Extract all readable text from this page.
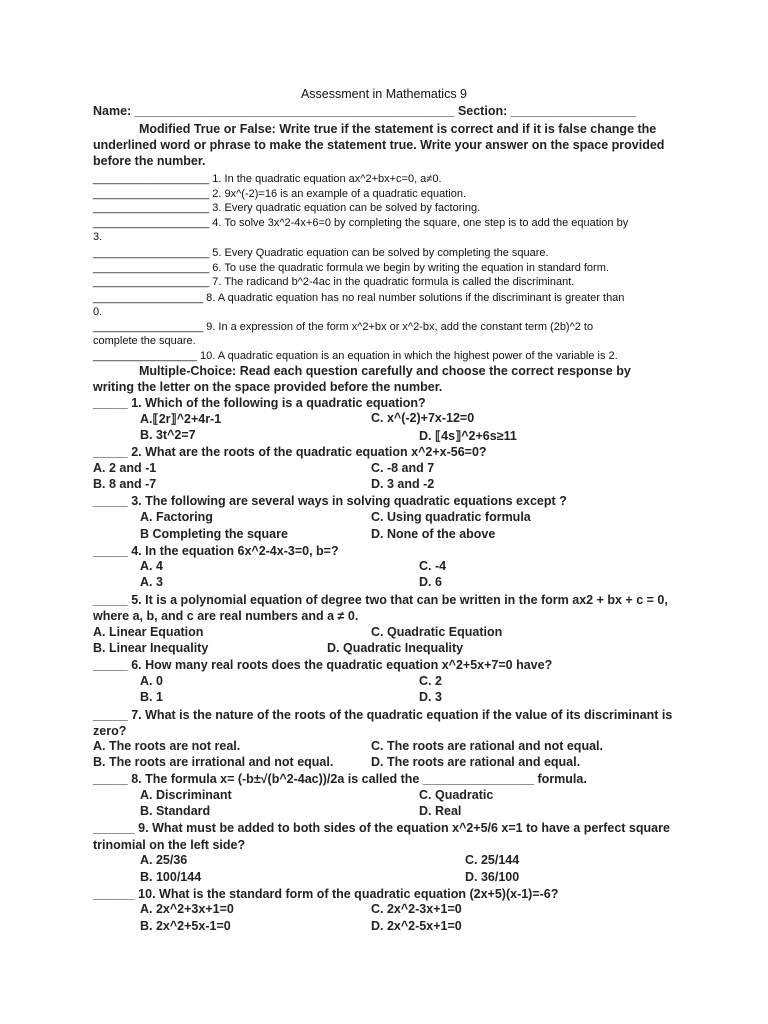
Assessment in Mathematics 9
Name: ______________________________________________ Section: __________________
Modified True or False: Write true if the statement is correct and if it is false change the underlined word or phrase to make the statement true. Write your answer on the space provided before the number.
___________________ 1. In the quadratic equation ax^2+bx+c=0, a≠0.
___________________ 2. 9x^(-2)=16 is an example of a quadratic equation.
___________________ 3. Every quadratic equation can be solved by factoring.
___________________ 4. To solve 3x^2-4x+6=0 by completing the square, one step is to add the equation by
3.
___________________ 5. Every Quadratic equation can be solved by completing the square.
___________________ 6. To use the quadratic formula we begin by writing the equation in standard form.
___________________ 7. The radicand b^2-4ac in the quadratic formula is called the discriminant.
__________________ 8. A quadratic equation has no real number solutions if the discriminant is greater than
0.
__________________ 9. In a expression of the form x^2+bx or x^2-bx, add the constant term (2b)^2 to
complete the square.
_________________ 10. A quadratic equation is an equation in which the highest power of the variable is 2.
Multiple-Choice: Read each question carefully and choose the correct response by writing the letter on the space provided before the number.
_____ 1. Which of the following is a quadratic equation?
A.⟦2r⟧^2+4r-1	C. x^(-2)+7x-12=0
B. 3t^2=7	D. ⟦4s⟧^2+6s≥11
_____ 2. What are the roots of the quadratic equation x^2+x-56=0?
A. 2 and -1	C. -8 and 7
B. 8 and -7	D. 3 and -2
_____ 3. The following are several ways in solving quadratic equations except ?
A. Factoring	C. Using quadratic formula
B Completing the square	D. None of the above
_____ 4. In the equation 6x^2-4x-3=0, b=?
A. 4	C. -4
A. 3	D. 6
_____ 5. It is a polynomial equation of degree two that can be written in the form ax2 + bx + c = 0,
where a, b, and c are real numbers and a ≠ 0.
A. Linear Equation	C. Quadratic Equation
B. Linear Inequality	D. Quadratic Inequality
_____ 6. How many real roots does the quadratic equation x^2+5x+7=0 have?
A. 0	C. 2
B. 1	D. 3
_____ 7. What is the nature of the roots of the quadratic equation if the value of its discriminant is
zero?
A. The roots are not real.	C. The roots are rational and not equal.
B. The roots are irrational and not equal.	D. The roots are rational and equal.
_____ 8. The formula x= (-b±√(b^2-4ac))/2a is called the ________________ formula.
A. Discriminant	C. Quadratic
B. Standard	D. Real
______ 9. What must be added to both sides of the equation x^2+5/6 x=1 to have a perfect square
trinomial on the left side?
A. 25/36	C. 25/144
B. 100/144	D. 36/100
______ 10. What is the standard form of the quadratic equation (2x+5)(x-1)=-6?
A. 2x^2+3x+1=0	C. 2x^2-3x+1=0
B. 2x^2+5x-1=0	D. 2x^2-5x+1=0
